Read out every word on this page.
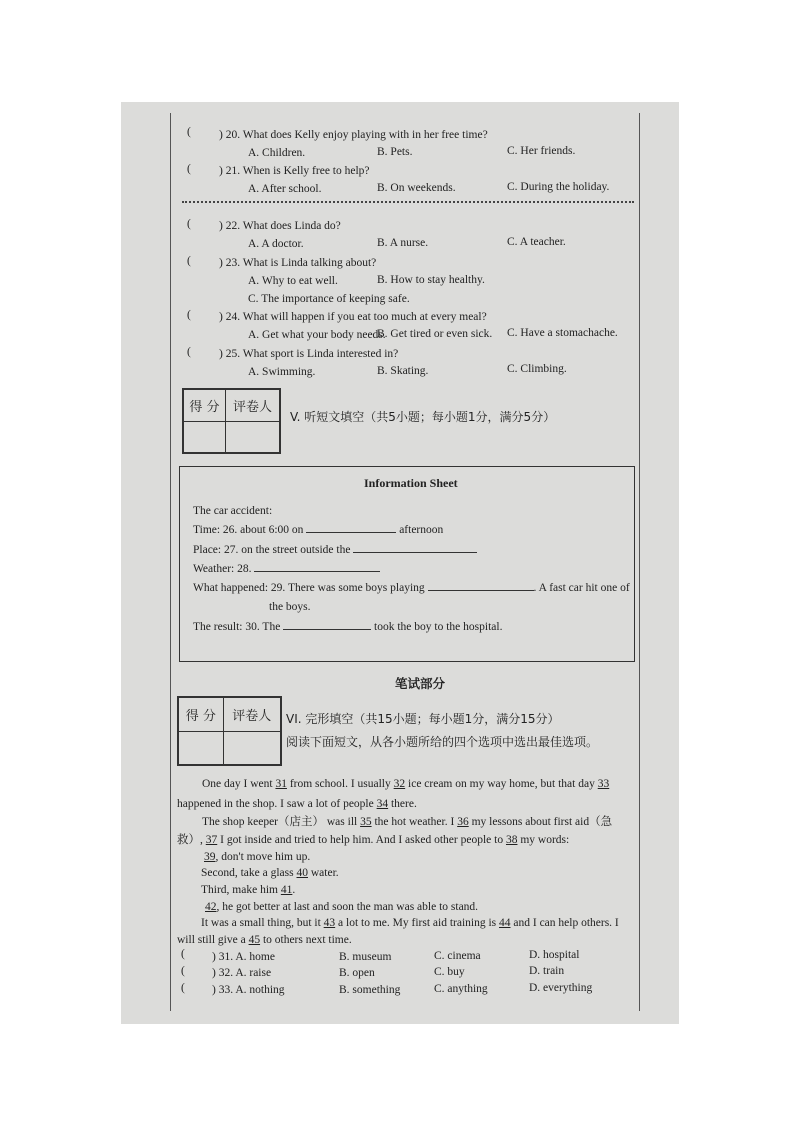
( ) 20. What does Kelly enjoy playing with in her free time?
A. Children.	B. Pets.	C. Her friends.
( ) 21. When is Kelly free to help?
A. After school.	B. On weekends.	C. During the holiday.
( ) 22. What does Linda do?
A. A doctor.	B. A nurse.	C. A teacher.
( ) 23. What is Linda talking about?
A. Why to eat well.	B. How to stay healthy.
C. The importance of keeping safe.
( ) 24. What will happen if you eat too much at every meal?
A. Get what your body needs.
B. Get tired or even sick. C. Have a stomachache.
( ) 25. What sport is Linda interested in?
A. Swimming.	B. Skating.	C. Climbing.
得 分	评卷人

V. 听短文填空（共5小题；每小题1分，满分5分）
Information Sheet
The car accident:
Time: 26. about 6:00 on	afternoon
Place: 27. on the street outside the
Weather: 28.
What happened: 29. There was some boys playing	. A fast car hit one of
the boys.
The result: 30. The	took the boy to the hospital.
笔试部分
得 分	评卷人
	VI. 完形填空（共15小题；每小题1分，满分15分）
阅读下面短文，从各小题所给的四个选项中选出最佳选项。
One day I went 31 from school. I usually 32 ice cream on my way home, but that day 33
happened in the shop. I saw a lot of people 34 there.
The shop keeper（店主） was ill 35 the hot weather. I 36 my lessons about first aid（急
救）, 37 I got inside and tried to help him. And I asked other people to 38 my words:
39, don't move him up.
Second, take a glass 40 water.
Third, make him 41.
42, he got better at last and soon the man was able to stand.
It was a small thing, but it 43 a lot to me. My first aid training is 44 and I can help others. I
will still give a 45 to others next time.
( ) 31. A. home	B. museum	C. cinema	D. hospital
( ) 32. A. raise	B. open	C. buy	D. train
( ) 33. A. nothing	B. something	C. anything	D. everything
